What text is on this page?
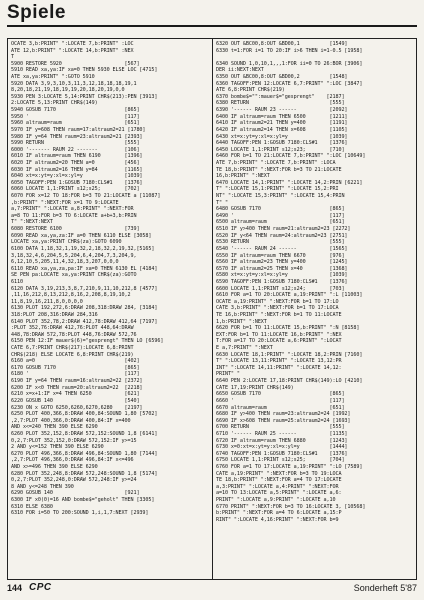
Spiele
OCATE 3,b:PRINT" ":LOCATE 7,b:PRINT" :LOC
ATE 12,b:PRINT" ":LOCATE 14,b:PRINT" :NEX
T
5900 RESTORE 5920                     [567]
5910 READ xa,ya:IF xa=0 THEN 5930 ELSE LOC [4715]
ATE xa,ya:PRINT" ":GOTO 5910
5920 DATA 3,9,3,10,3,11,3,12,18,18,18,19,1
8,20,18,21,19,18,19,19,20,18,20,19,0,0
5930 PEN 3:LOCATE 5,14:PRINT CHR$(213):PEN [3913]
2:LOCATE 5,13:PRINT CHR$(149)
5940 GOSUB 7170                       [865]
5950 '                                [117]
5960 altraum=raum                     [651]
5970 IF y=608 THEN raum=17:altraum2=21 [1780]
5980 IF y=64 THEN raum=23:altraum2=21 [2393]
5990 RETURN                           [555]
6000 '------- RAUM 22 -------         [106]
6010 IF altraum=raum THEN 6190        [1396]
6020 IF altraum2=20 THEN a=0          [456]
6030 IF altraum2=16 THEN y=84         [1165]
6040 xt=x:yt=y:xl=x:yl=y              [1039]
6050 TAGOFF:PEN 1:GOSUB 7180:CLS#1    [1376]
6060 LOCATE 1,1:PRINT s12;s25;        [702]
6070 FOR x=12 TO 18:FOR b=3 TO 21:LOCATE a [11087]
,b:PRINT" ":NEXT:FOR x=1 TO 9:LOCATE
a,7:PRINT" ":LOCATE a,8:PRINT" ":NEXT:FOR
a=8 TO 11:FOR b=3 TO 6:LOCATE a+b+3,b:PRIN
T" ":NEXT:NEXT
6080 RESTORE 6100                     [739]
6090 READ xa,ya,za:IF a=0 THEN 6110 ELSE [3058]
LOCATE xa,ya:PRINT CHR$(za):GOTO 6090
6100 DATA 1,18,32,1,19,32,2,18,32,2,19,32,[5165]
3,18,32,4,6,204,5,5,204,6,4,204,7,3,204,9,
6,12,10,5,205,11,4,32,18,3,207,0,0,0
6110 READ xa,ya,za,pa:IF xa=0 THEN 6130 EL [4184]
SE PEN pa:LOCATE xa,ya:PRINT CHR$(za):GOTO
6110
6120 DATA 3,19,213,3,8,7,210,9,11,10,212,8 [4577]
,11,16,212,8,13,212,8,16,2,208,8,19,10,2
11,8,19,16,211,8,0,0,0,0
6130 PLOT 192,272,6:DRAW 208,318:DRAW 284, [3184]
318:PLOT 208,316:DRAW 284,316
6140 PLOT 352,78,2:DRAW 412,78:DRAW 412,64 [7197]
:PLOT 352,76:DRAW 412,76:PLOT 448,64:DRAW
448,78:DRAW 572,78:PLOT 448,76:DRAW 572,76
6150 PEN 12:IF mauer$(6)="gesprengt" THEN LO [6596]
CATE 6,7:PRINT CHR$(217):LOCATE 6,8:PRINT
CHR$(218) ELSE LOCATE 6,8:PRINT CHR$(219)
6160 a=0                              [402]
6170 GOSUB 7170                       [865]
6180 '                                [117]
6190 IF y=64 THEN raum=16:altraum2=22 [2372]
6200 IF x<0 THEN raum=20:altraum2=22  [2218]
6210 x=x+1:IF x=4 THEN 6250           [621]
6220 GOSUB 140                        [540]
6230 ON x GOTO 6250,6260,6270,6280    [2197]
6250 PLOT 400,366,8:DRAW 400,84:SOUND 1,80 [5702]
,2,7:PLOT 400,366,0:DRAW 400,84:IF x=400
AND x<=240 THEN 390 ELSE 6290
6260 PLOT 352,152,8:DRAW 572,152:SOUND 1,8 [6141]
0,2,7:PLOT 352,152,0:DRAW 572,152:IF y>=15
2 AND y<=152 THEN 390 ELSE 6290
6270 PLOT 496,366,8:DRAW 496,84:SOUND 1,80 [7144]
,2,7:PLOT 496,366,0:DRAW 496,84:IF x<=496
AND x>=496 THEN 390 ELSE 6290
6280 PLOT 352,248,8:DRAW 572,248:SOUND 1,8 [5174]
0,2,7:PLOT 352,248,0:DRAW 572,248:IF y>=24
8 AND y<=248 THEN 390
6290 GOSUB 140                        [921]
6300 IF x0(0)=16 AND bombe$="geholt" THEN [3305]
6310 ELSE 6380
6310 FOR i=50 TO 200:SOUND 1,i,1,7:NEXT [2939]
6320 OUT &BC00,8:OUT &BD00,1          [1549]
6330 t=1:FOR i=1 TO 20:IF i>6 THEN i=1-0.5 [1958]
6340 SOUND 1,0,10,1,,,1:FOR ii=0 TO 26:BOR [3906]
DER ii:NEXT:NEXT
6350 OUT &BC00,8:OUT &BD00,2          [1548]
6360 TAGOFF:PEN 12:LOCATE 6,7:PRINT" ":LOC [3847]
ATE 6,8:PRINT CHR$(219)
6370 bombe$="":mauer$="gesprengt"    [2187]
6380 RETURN                           [555]
6390 '------ RAUM 23 ------           [2092]
6400 IF altraum=raum THEN 6500        [1211]
6410 IF altraum2=21 THEN y=400        [1191]
6420 IF altraum2=14 THEN x=608        [1105]
6430 xt=x:yt=y:xl=x:yl=y              [1039]
6440 TAGOFF:PEN 1:GOSUB 7180:CLS#1    [1376]
6450 LOCATE 1,1:PRINT s12;s23;        [710]
6460 FOR b=1 TO 21:LOCATE 7,b:PRINT" ":LOC [10649]
ATE 7,b:PRINT" ":LOCATE 7,b:PRINT" :LOCA
TE 18,b:PRINT" ":NEXT:FOR b=3 TO 21:LOCATE
16,b:PRINT" ":NEXT
6470 LOCATE 14,1:PRINT" ":LOCATE 14,2:PRIN [6221]
T" ":LOCATE 15,1:PRINT" ":LOCATE 15,2:PRI
NT" ":LOCATE 15,3:PRINT" ":LOCATE 15,4:PRIN
T" "
6480 GOSUB 7170                       [865]
6490 '                                [117]
6500 altraum=raum                     [651]
6510 IF y>400 THEN raum=21:altraum2=23 [2272]
6520 IF y<64 THEN raum=24:altraum2=23 [2751]
6530 RETURN                           [555]
6540 '------ RAUM 24 ------           [1565]
6550 IF altraum=raum THEN 6670        [976]
6560 IF altraum2=23 THEN y=400        [1245]
6570 IF altraum2=25 THEN x=40         [1368]
6580 xt=x:yt=y:xl=x:yl=y              [1039]
6590 TAGOFF:PEN 1:GOSUB 7180:CLS#1    [1376]
6600 LOCATE 1,1:PRINT s12;s24;        [703]
6610 FOR a=1 TO 20:LOCATE a,19:PRINT" ":L [11003]
OCATE a,19:PRINT" ":NEXT:FOR b=1 TO 17:LO
CATE 3,b:PRINT" ":NEXT:FOR b=1 TO 17:LOCA
TE 16,b:PRINT" ":NEXT:FOR b=1 TO 11:LOCATE
1,b:PRINT" ":NEXT
6620 FOR b=1 TO 11:LOCATE 15,b:PRINT" ":N [8158]
EXT:FOR b=1 TO 11:LOCATE 16,b:PRINT" ":NEX
T:FOR a=17 TO 20:LOCATE a,6:PRINT" ":LOCAT
E a,7:PRINT" ":NEXT
6630 LOCATE 18,1:PRINT" ":LOCATE 18,2:PRIN [7160]
T" ":LOCATE 13,11:PRINT" ":LOCATE 13,12:PR
INT" ":LOCATE 14,11:PRINT" ":LOCATE 14,12:
PRINT" "
6640 PEN 2:LOCATE 17,18:PRINT CHR$(149):LO [4210]
CATE 17,19:PRINT CHR$(149)
6650 GOSUB 7170                       [865]
6660 '                                [117]
6670 altraum=raum                     [651]
6680 IF y>400 THEN raum=23:altraum2=24 [1992]
6690 IF x>608 THEN raum=25:altraum2=24 [1693]
6700 RETURN                           [555]
6710 '------ RAUM 25 ------           [1135]
6720 IF altraum=raum THEN 6880        [1243]
6730 x=0:xt=x:yt=y:xl=x:yl=y          [1444]
6740 TAGOFF:PEN 1:GOSUB 7180:CLS#1    [1376]
6750 LOCATE 1,1:PRINT s12;s25;        [704]
6760 FOR a=1 TO 17:LOCATE a,19:PRINT" ":LO [7589]
CATE a,19:PRINT" ":NEXT:FOR b=3 TO 19:LOCA
TE 18,b:PRINT" ":NEXT:FOR a=4 TO 17:LOCATE
a,3:PRINT" ":LOCATE a,4:PRINT" ":NEXT:FOR
a=10 TO 13:LOCATE a,5:PRINT" ":LOCATE a,6:
PRINT" ":LOCATE a,9:PRINT" ":LOCATE a,10
6770 PRINT" ":NEXT:FOR b=3 TO 16:LOCATE 3, [10568]
b:PRINT" ":NEXT:FOR a=4 TO 6:LOCATE a,15:P
RINT" ":LOCATE 4,16:PRINT" ":NEXT:FOR b=9
144 CPC	Sonderheft 5'87
